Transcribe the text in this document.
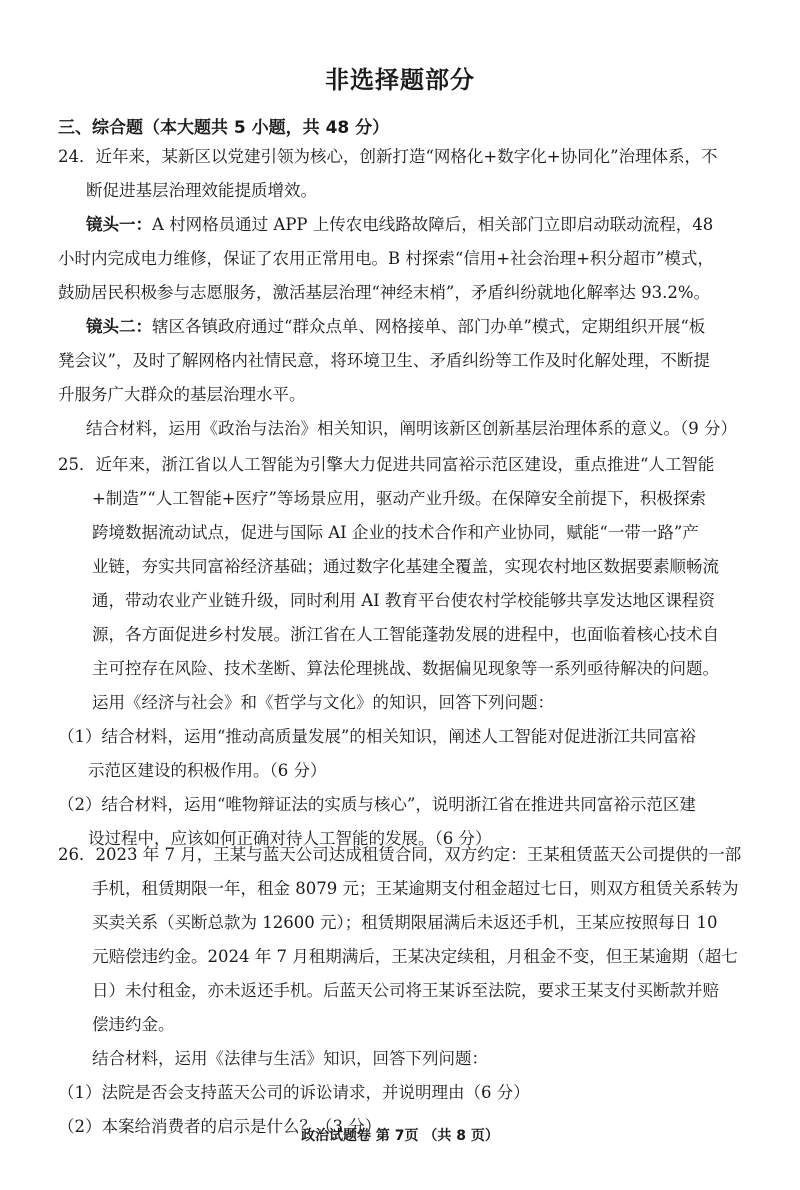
非选择题部分
三、综合题（本大题共 5 小题，共 48 分）
24．近年来，某新区以党建引领为核心，创新打造“网格化+数字化+协同化”治理体系，不
断促进基层治理效能提质增效。
镜头一：A 村网格员通过 APP 上传农电线路故障后，相关部门立即启动联动流程，48
小时内完成电力维修，保证了农用正常用电。B 村探索“信用+社会治理+积分超市”模式，
鼓励居民积极参与志愿服务，激活基层治理“神经末梢”，矛盾纠纷就地化解率达 93.2%。
镜头二：辖区各镇政府通过“群众点单、网格接单、部门办单”模式，定期组织开展“板
凳会议”，及时了解网格内社情民意，将环境卫生、矛盾纠纷等工作及时化解处理，不断提
升服务广大群众的基层治理水平。
结合材料，运用《政治与法治》相关知识，阐明该新区创新基层治理体系的意义。（9 分）
25．近年来，浙江省以人工智能为引擎大力促进共同富裕示范区建设，重点推进“人工智能
+制造”“人工智能+医疗”等场景应用，驱动产业升级。在保障安全前提下，积极探索
跨境数据流动试点，促进与国际 AI 企业的技术合作和产业协同，赋能“一带一路”产
业链，夯实共同富裕经济基础；通过数字化基建全覆盖，实现农村地区数据要素顺畅流
通，带动农业产业链升级，同时利用 AI 教育平台使农村学校能够共享发达地区课程资
源，各方面促进乡村发展。浙江省在人工智能蓬勃发展的进程中，也面临着核心技术自
主可控存在风险、技术垄断、算法伦理挑战、数据偏见现象等一系列亟待解决的问题。
运用《经济与社会》和《哲学与文化》的知识，回答下列问题：
（1）结合材料，运用“推动高质量发展”的相关知识，阐述人工智能对促进浙江共同富裕
示范区建设的积极作用。（6 分）
（2）结合材料，运用“唯物辩证法的实质与核心”，说明浙江省在推进共同富裕示范区建
设过程中，应该如何正确对待人工智能的发展。（6 分）
26．2023 年 7 月，王某与蓝天公司达成租赁合同，双方约定：王某租赁蓝天公司提供的一部
手机，租赁期限一年，租金 8079 元；王某逾期支付租金超过七日，则双方租赁关系转为
买卖关系（买断总款为 12600 元）；租赁期限届满后未返还手机，王某应按照每日 10
元赔偿违约金。2024 年 7 月租期满后，王某决定续租，月租金不变，但王某逾期（超七
日）未付租金，亦未返还手机。后蓝天公司将王某诉至法院，要求王某支付买断款并赔
偿违约金。
结合材料，运用《法律与生活》知识，回答下列问题：
（1）法院是否会支持蓝天公司的诉讼请求，并说明理由（6 分）
（2）本案给消费者的启示是什么？（3 分）
政治试题卷 第 7页 （共 8 页）
